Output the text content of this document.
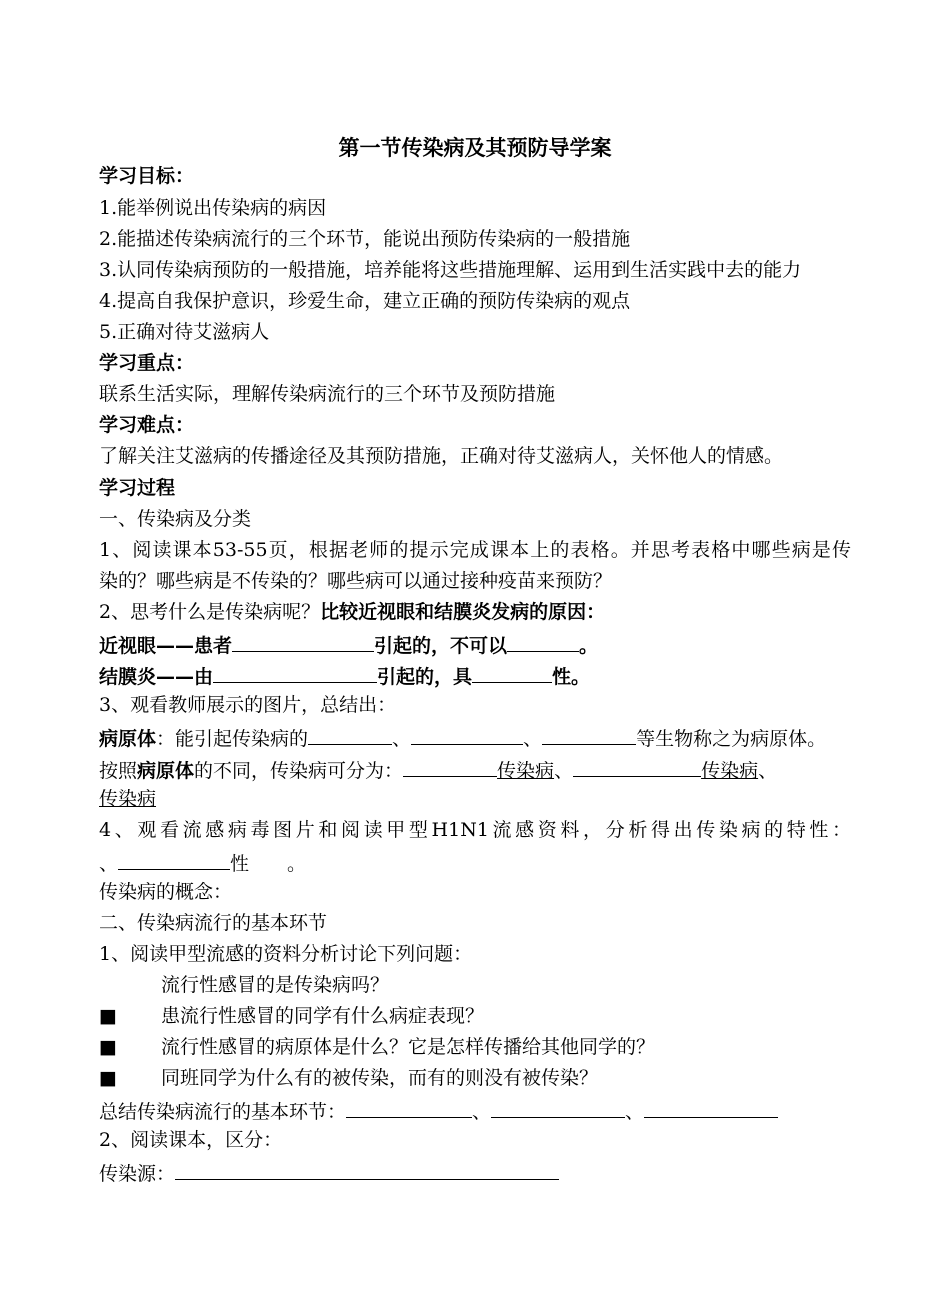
第一节传染病及其预防导学案
学习目标：
1.能举例说出传染病的病因
2.能描述传染病流行的三个环节，能说出预防传染病的一般措施
3.认同传染病预防的一般措施，培养能将这些措施理解、运用到生活实践中去的能力
4.提高自我保护意识，珍爱生命，建立正确的预防传染病的观点
5.正确对待艾滋病人
学习重点：
联系生活实际，理解传染病流行的三个环节及预防措施
学习难点：
了解关注艾滋病的传播途径及其预防措施，正确对待艾滋病人，关怀他人的情感。
学习过程
一、传染病及分类
1、阅读课本53-55页，根据老师的提示完成课本上的表格。并思考表格中哪些病是传
染的？哪些病是不传染的？哪些病可以通过接种疫苗来预防？
2、思考什么是传染病呢？比较近视眼和结膜炎发病的原因：
近视眼——患者	引起的，不可以	。
结膜炎——由	引起的，具	性。
3、观看教师展示的图片，总结出：
病原体：能引起传染病的	、	、	等生物称之为病原体。
按照病原体的不同，传染病可分为：	传染病、	传染病、
传染病
4、观看流感病毒图片和阅读甲型H1N1流感资料，分析得出传染病的特性：
、	性 。
传染病的概念：
二、传染病流行的基本环节
1、阅读甲型流感的资料分析讨论下列问题：
流行性感冒的是传染病吗？
■ 患流行性感冒的同学有什么病症表现？
■ 流行性感冒的病原体是什么？它是怎样传播给其他同学的？
■ 同班同学为什么有的被传染，而有的则没有被传染？
总结传染病流行的基本环节：	、	、
2、阅读课本，区分：
传染源：
